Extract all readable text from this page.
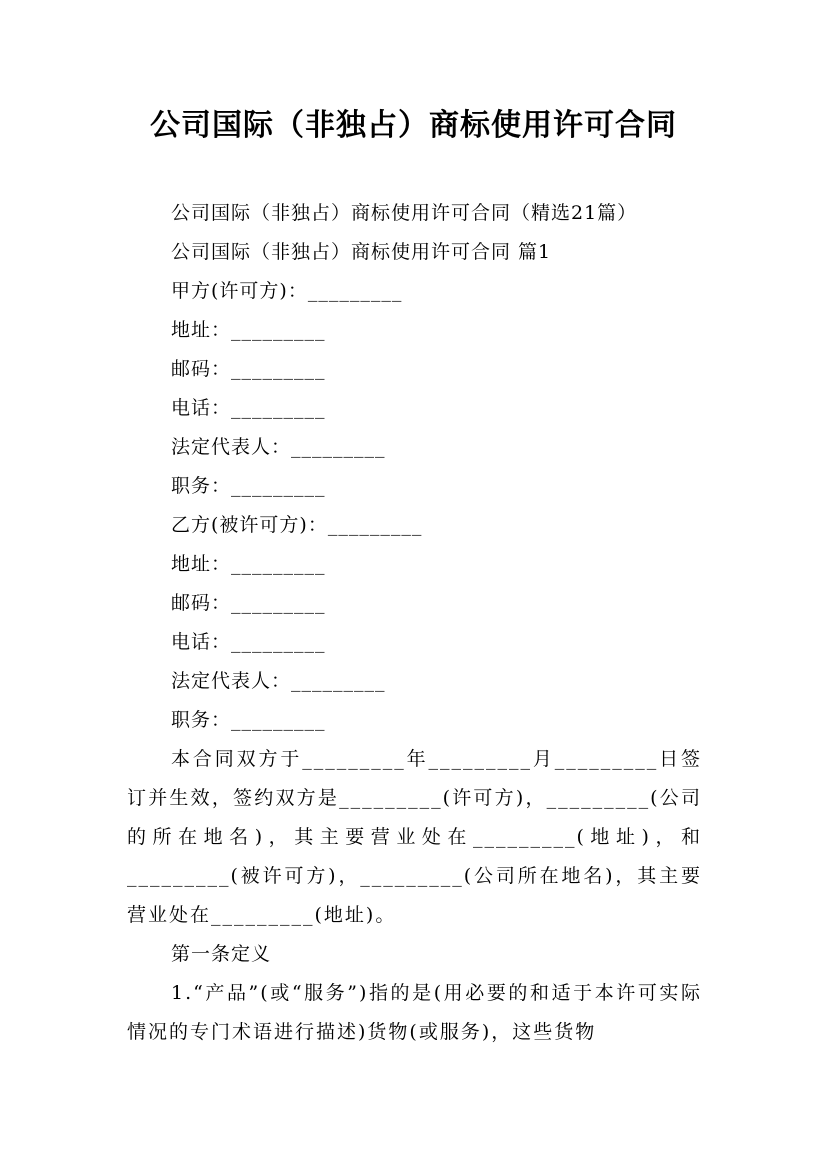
公司国际（非独占）商标使用许可合同
公司国际（非独占）商标使用许可合同（精选21篇）
公司国际（非独占）商标使用许可合同 篇1
甲方(许可方)：_________
地址：_________
邮码：_________
电话：_________
法定代表人：_________
职务：_________
乙方(被许可方)：_________
地址：_________
邮码：_________
电话：_________
法定代表人：_________
职务：_________

本合同双方于_________年_________月_________日签订并生效，签约双方是_________(许可方)，_________(公司的所在地名)，其主要营业处在_________(地址)，和_________(被许可方)，_________(公司所在地名)，其主要营业处在_________(地址)。

第一条定义

1.“产品”(或“服务”)指的是(用必要的和适于本许可实际情况的专门术语进行描述)货物(或服务)，这些货物
